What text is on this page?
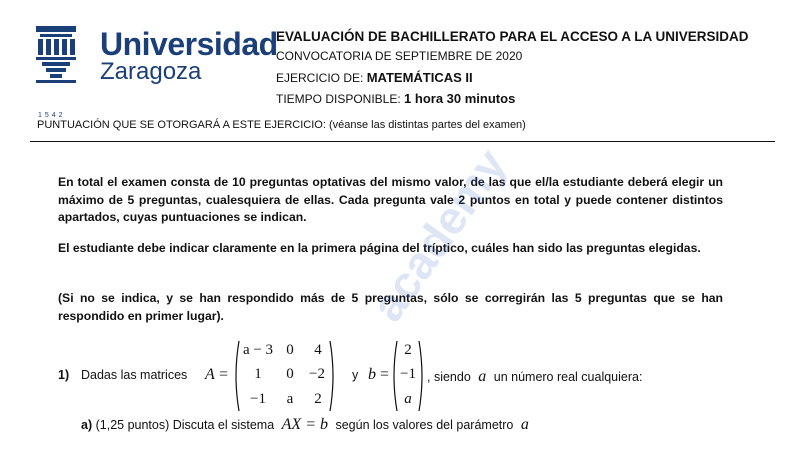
1542
Universidad
Zaragoza
EVALUACIÓN DE BACHILLERATO PARA EL ACCESO A LA UNIVERSIDAD
CONVOCATORIA DE SEPTIEMBRE DE 2020
EJERCICIO DE: MATEMÁTICAS II
TIEMPO DISPONIBLE: 1 hora 30 minutos
PUNTUACIÓN QUE SE OTORGARÁ A ESTE EJERCICIO: (véanse las distintas partes del examen)
En total el examen consta de 10 preguntas optativas del mismo valor, de las que el/la estudiante deberá elegir un máximo de 5 preguntas, cualesquiera de ellas. Cada pregunta vale 2 puntos en total y puede contener distintos apartados, cuyas puntuaciones se indican.
El estudiante debe indicar claramente en la primera página del tríptico, cuáles han sido las preguntas elegidas.
(Si no se indica, y se han respondido más de 5 preguntas, sólo se corregirán las 5 preguntas que se han respondido en primer lugar).	academy
1) Dadas las matrices A =
a − 3 0	4
1	0	−2
−1	a	2
y b =
2
−1
a
, siendo a un número real cualquiera:
a) (1,25 puntos) Discuta el sistema AX = b según los valores del parámetro a
